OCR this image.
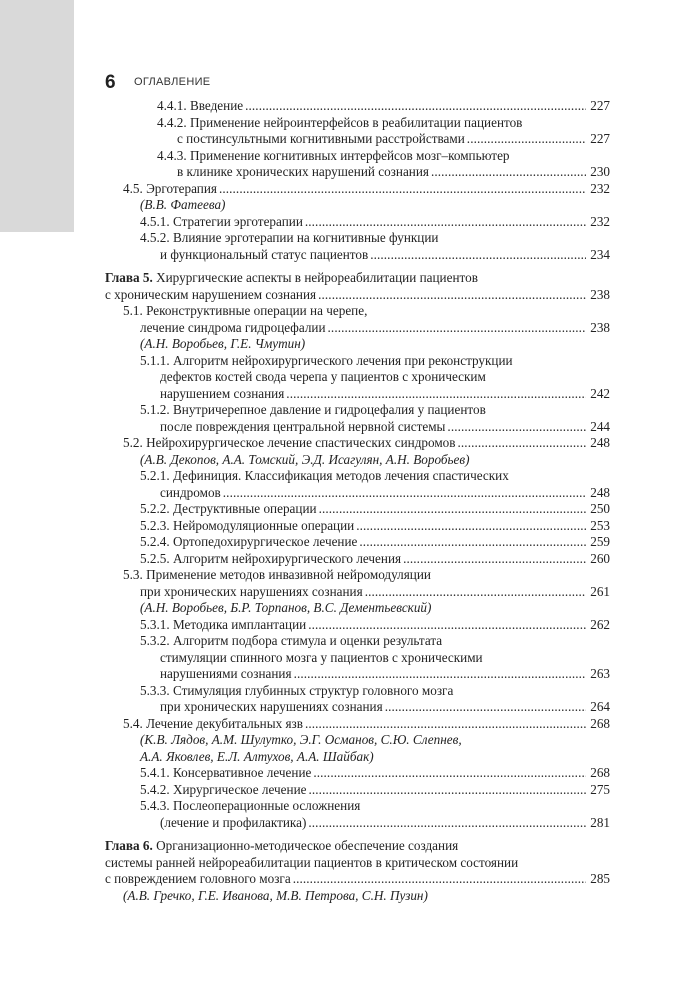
6 ОГЛАВЛЕНИЕ
4.4.1. Введение . . .	227
4.4.2. Применение нейроинтерфейсов в реабилитации пациентов
с постинсультными когнитивными расстройствами . . .	227
4.4.3. Применение когнитивных интерфейсов мозг–компьютер
в клинике хронических нарушений сознания . . .	230
4.5. Эрготерапия . . .	232
(В.В. Фатеева)
4.5.1. Стратегии эрготерапии . . .	232
4.5.2. Влияние эрготерапии на когнитивные функции
и функциональный статус пациентов . . .	234
Глава 5. Хирургические аспекты в нейрореабилитации пациентов
с хроническим нарушением сознания . . .	238
5.1. Реконструктивные операции на черепе,
лечение синдрома гидроцефалии . . .	238
(А.Н. Воробьев, Г.Е. Чмутин)
5.1.1. Алгоритм нейрохирургического лечения при реконструкции
дефектов костей свода черепа у пациентов с хроническим
нарушением сознания . . .	242
5.1.2. Внутричерепное давление и гидроцефалия у пациентов
после повреждения центральной нервной системы . . .	244
5.2. Нейрохирургическое лечение спастических синдромов . . .	248
(А.В. Декопов, А.А. Томский, Э.Д. Исагулян, А.Н. Воробьев)
5.2.1. Дефиниция. Классификация методов лечения спастических
синдромов . . .	248
5.2.2. Деструктивные операции . . .	250
5.2.3. Нейромодуляционные операции . . .	253
5.2.4. Ортопедохирургическое лечение . . .	259
5.2.5. Алгоритм нейрохирургического лечения . . .	260
5.3. Применение методов инвазивной нейромодуляции
при хронических нарушениях сознания . . .	261
(А.Н. Воробьев, Б.Р. Торпанов, В.С. Дементьевский)
5.3.1. Методика имплантации . . .	262
5.3.2. Алгоритм подбора стимула и оценки результата
стимуляции спинного мозга у пациентов с хроническими
нарушениями сознания . . .	263
5.3.3. Стимуляция глубинных структур головного мозга
при хронических нарушениях сознания . . .	264
5.4. Лечение декубитальных язв . . .	268
(К.В. Лядов, А.М. Шулутко, Э.Г. Османов, С.Ю. Слепнев,
А.А. Яковлев, Е.Л. Алтухов, А.А. Шайбак)
5.4.1. Консервативное лечение . . .	268
5.4.2. Хирургическое лечение . . .	275
5.4.3. Послеоперационные осложнения
(лечение и профилактика) . . .	281
Глава 6. Организационно-методическое обеспечение создания
системы ранней нейрореабилитации пациентов в критическом состоянии
с повреждением головного мозга . . .	285
(А.В. Гречко, Г.Е. Иванова, М.В. Петрова, С.Н. Пузин)
